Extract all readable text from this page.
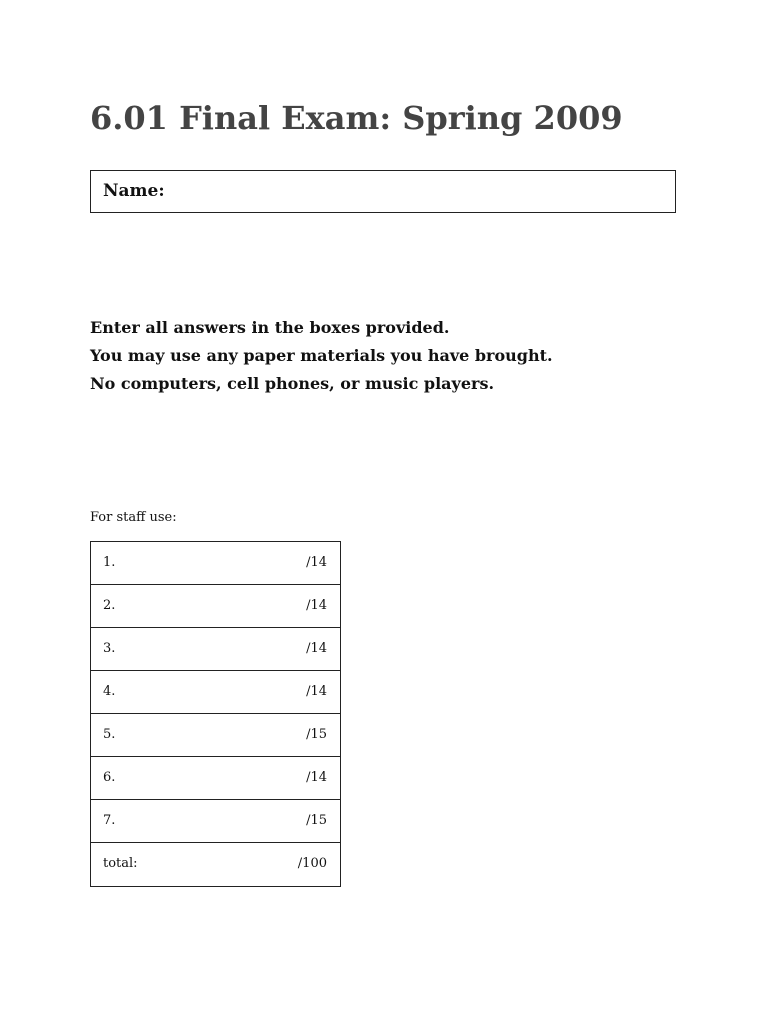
6.01 Final Exam: Spring 2009
Name:
Enter all answers in the boxes provided.
You may use any paper materials you have brought.
No computers, cell phones, or music players.
For staff use:
1.	/14
2.	/14
3.	/14
4.	/14
5.	/15
6.	/14
7.	/15
total:	/100
